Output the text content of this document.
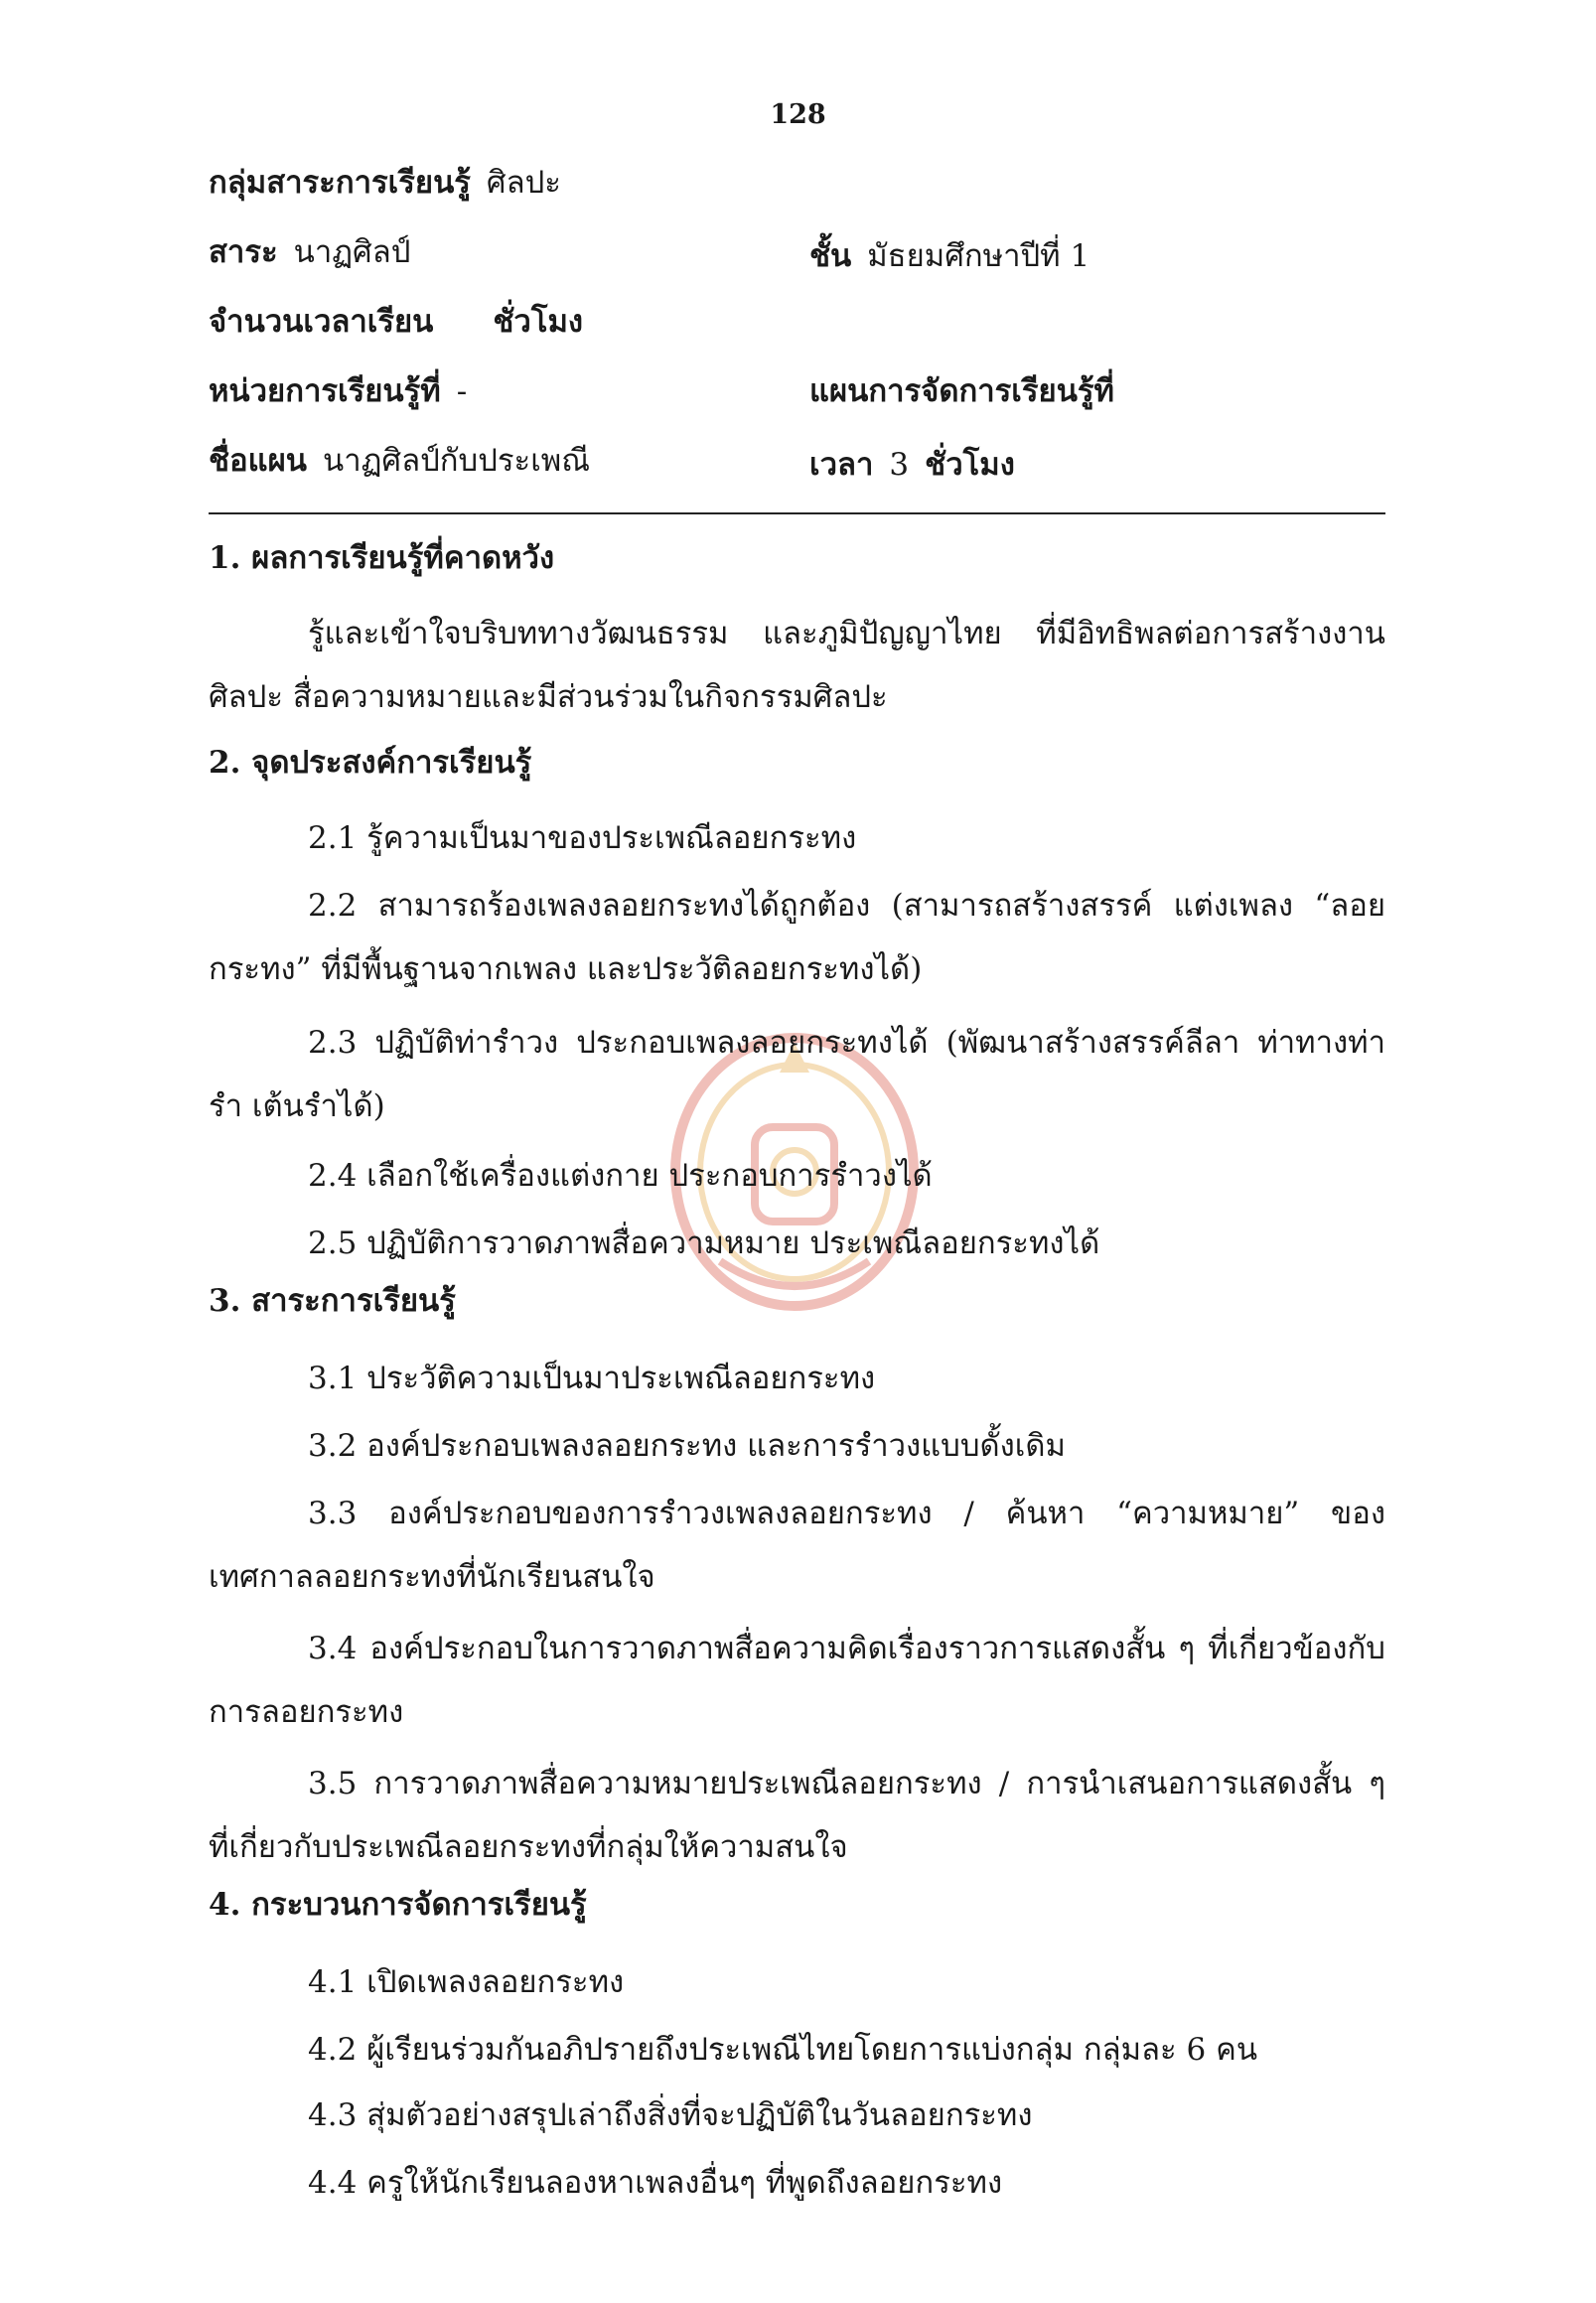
128
กลุ่มสาระการเรียนรู้ ศิลปะ
สาระ นาฏศิลป์	ชั้น มัธยมศึกษาปีที่ 1
จำนวนเวลาเรียน ชั่วโมง
หน่วยการเรียนรู้ที่ -	แผนการจัดการเรียนรู้ที่
ชื่อแผน นาฏศิลป์กับประเพณี	เวลา 3 ชั่วโมง
1. ผลการเรียนรู้ที่คาดหวัง
รู้และเข้าใจบริบททางวัฒนธรรม และภูมิปัญญาไทย ที่มีอิทธิพลต่อการสร้างงานศิลปะ สื่อความหมายและมีส่วนร่วมในกิจกรรมศิลปะ
2. จุดประสงค์การเรียนรู้
2.1 รู้ความเป็นมาของประเพณีลอยกระทง
2.2 สามารถร้องเพลงลอยกระทงได้ถูกต้อง (สามารถสร้างสรรค์ แต่งเพลง “ลอยกระทง” ที่มีพื้นฐานจากเพลง และประวัติลอยกระทงได้)
2.3 ปฏิบัติท่ารำวง ประกอบเพลงลอยกระทงได้ (พัฒนาสร้างสรรค์ลีลา ท่าทางท่ารำ เต้นรำได้)
2.4 เลือกใช้เครื่องแต่งกาย ประกอบการรำวงได้
2.5 ปฏิบัติการวาดภาพสื่อความหมาย ประเพณีลอยกระทงได้
3. สาระการเรียนรู้
3.1 ประวัติความเป็นมาประเพณีลอยกระทง
3.2 องค์ประกอบเพลงลอยกระทง และการรำวงแบบดั้งเดิม
3.3 องค์ประกอบของการรำวงเพลงลอยกระทง / ค้นหา “ความหมาย” ของ เทศกาลลอยกระทงที่นักเรียนสนใจ
3.4 องค์ประกอบในการวาดภาพสื่อความคิดเรื่องราวการแสดงสั้น ๆ ที่เกี่ยวข้องกับการลอยกระทง
3.5 การวาดภาพสื่อความหมายประเพณีลอยกระทง / การนำเสนอการแสดงสั้น ๆ ที่เกี่ยวกับประเพณีลอยกระทงที่กลุ่มให้ความสนใจ
4. กระบวนการจัดการเรียนรู้
4.1 เปิดเพลงลอยกระทง
4.2 ผู้เรียนร่วมกันอภิปรายถึงประเพณีไทยโดยการแบ่งกลุ่ม กลุ่มละ 6 คน
4.3 สุ่มตัวอย่างสรุปเล่าถึงสิ่งที่จะปฏิบัติในวันลอยกระทง
4.4 ครูให้นักเรียนลองหาเพลงอื่นๆ ที่พูดถึงลอยกระทง
